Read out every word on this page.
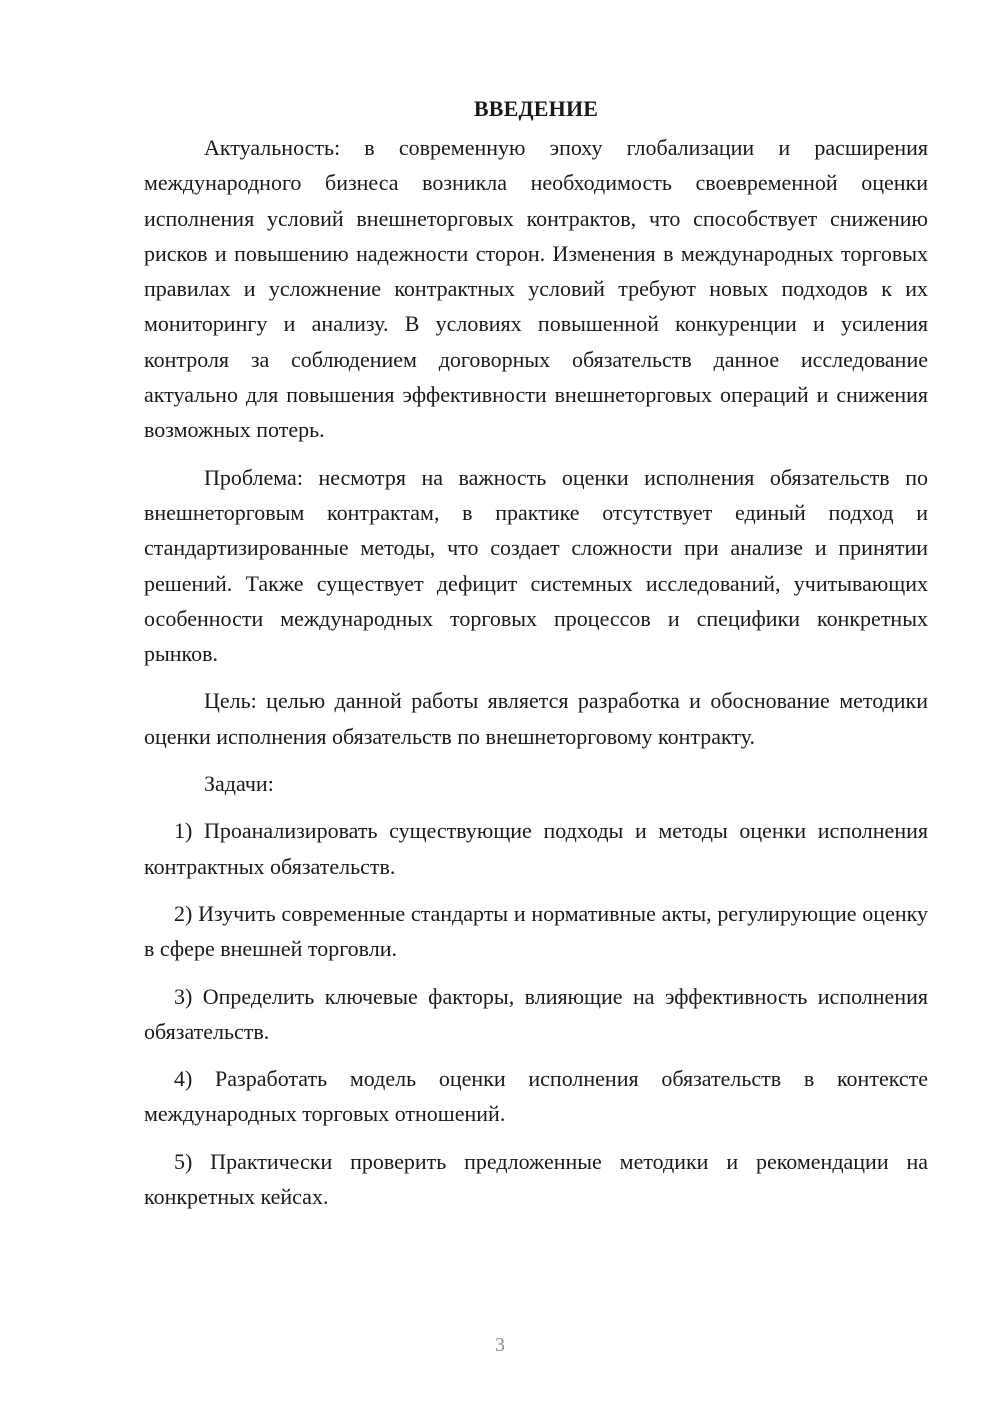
ВВЕДЕНИЕ

Актуальность: в современную эпоху глобализации и расширения международного бизнеса возникла необходимость своевременной оценки исполнения условий внешнеторговых контрактов, что способствует снижению рисков и повышению надежности сторон. Изменения в международных торговых правилах и усложнение контрактных условий требуют новых подходов к их мониторингу и анализу. В условиях повышенной конкуренции и усиления контроля за соблюдением договорных обязательств данное исследование актуально для повышения эффективности внешнеторговых операций и снижения возможных потерь.

Проблема: несмотря на важность оценки исполнения обязательств по внешнеторговым контрактам, в практике отсутствует единый подход и стандартизированные методы, что создает сложности при анализе и принятии решений. Также существует дефицит системных исследований, учитывающих особенности международных торговых процессов и специфики конкретных рынков.

Цель: целью данной работы является разработка и обоснование методики оценки исполнения обязательств по внешнеторговому контракту.

Задачи:

1) Проанализировать существующие подходы и методы оценки исполнения контрактных обязательств.

2) Изучить современные стандарты и нормативные акты, регулирующие оценку в сфере внешней торговли.

3) Определить ключевые факторы, влияющие на эффективность исполнения обязательств.

4) Разработать модель оценки исполнения обязательств в контексте международных торговых отношений.

5) Практически проверить предложенные методики и рекомендации на конкретных кейсах.

3
